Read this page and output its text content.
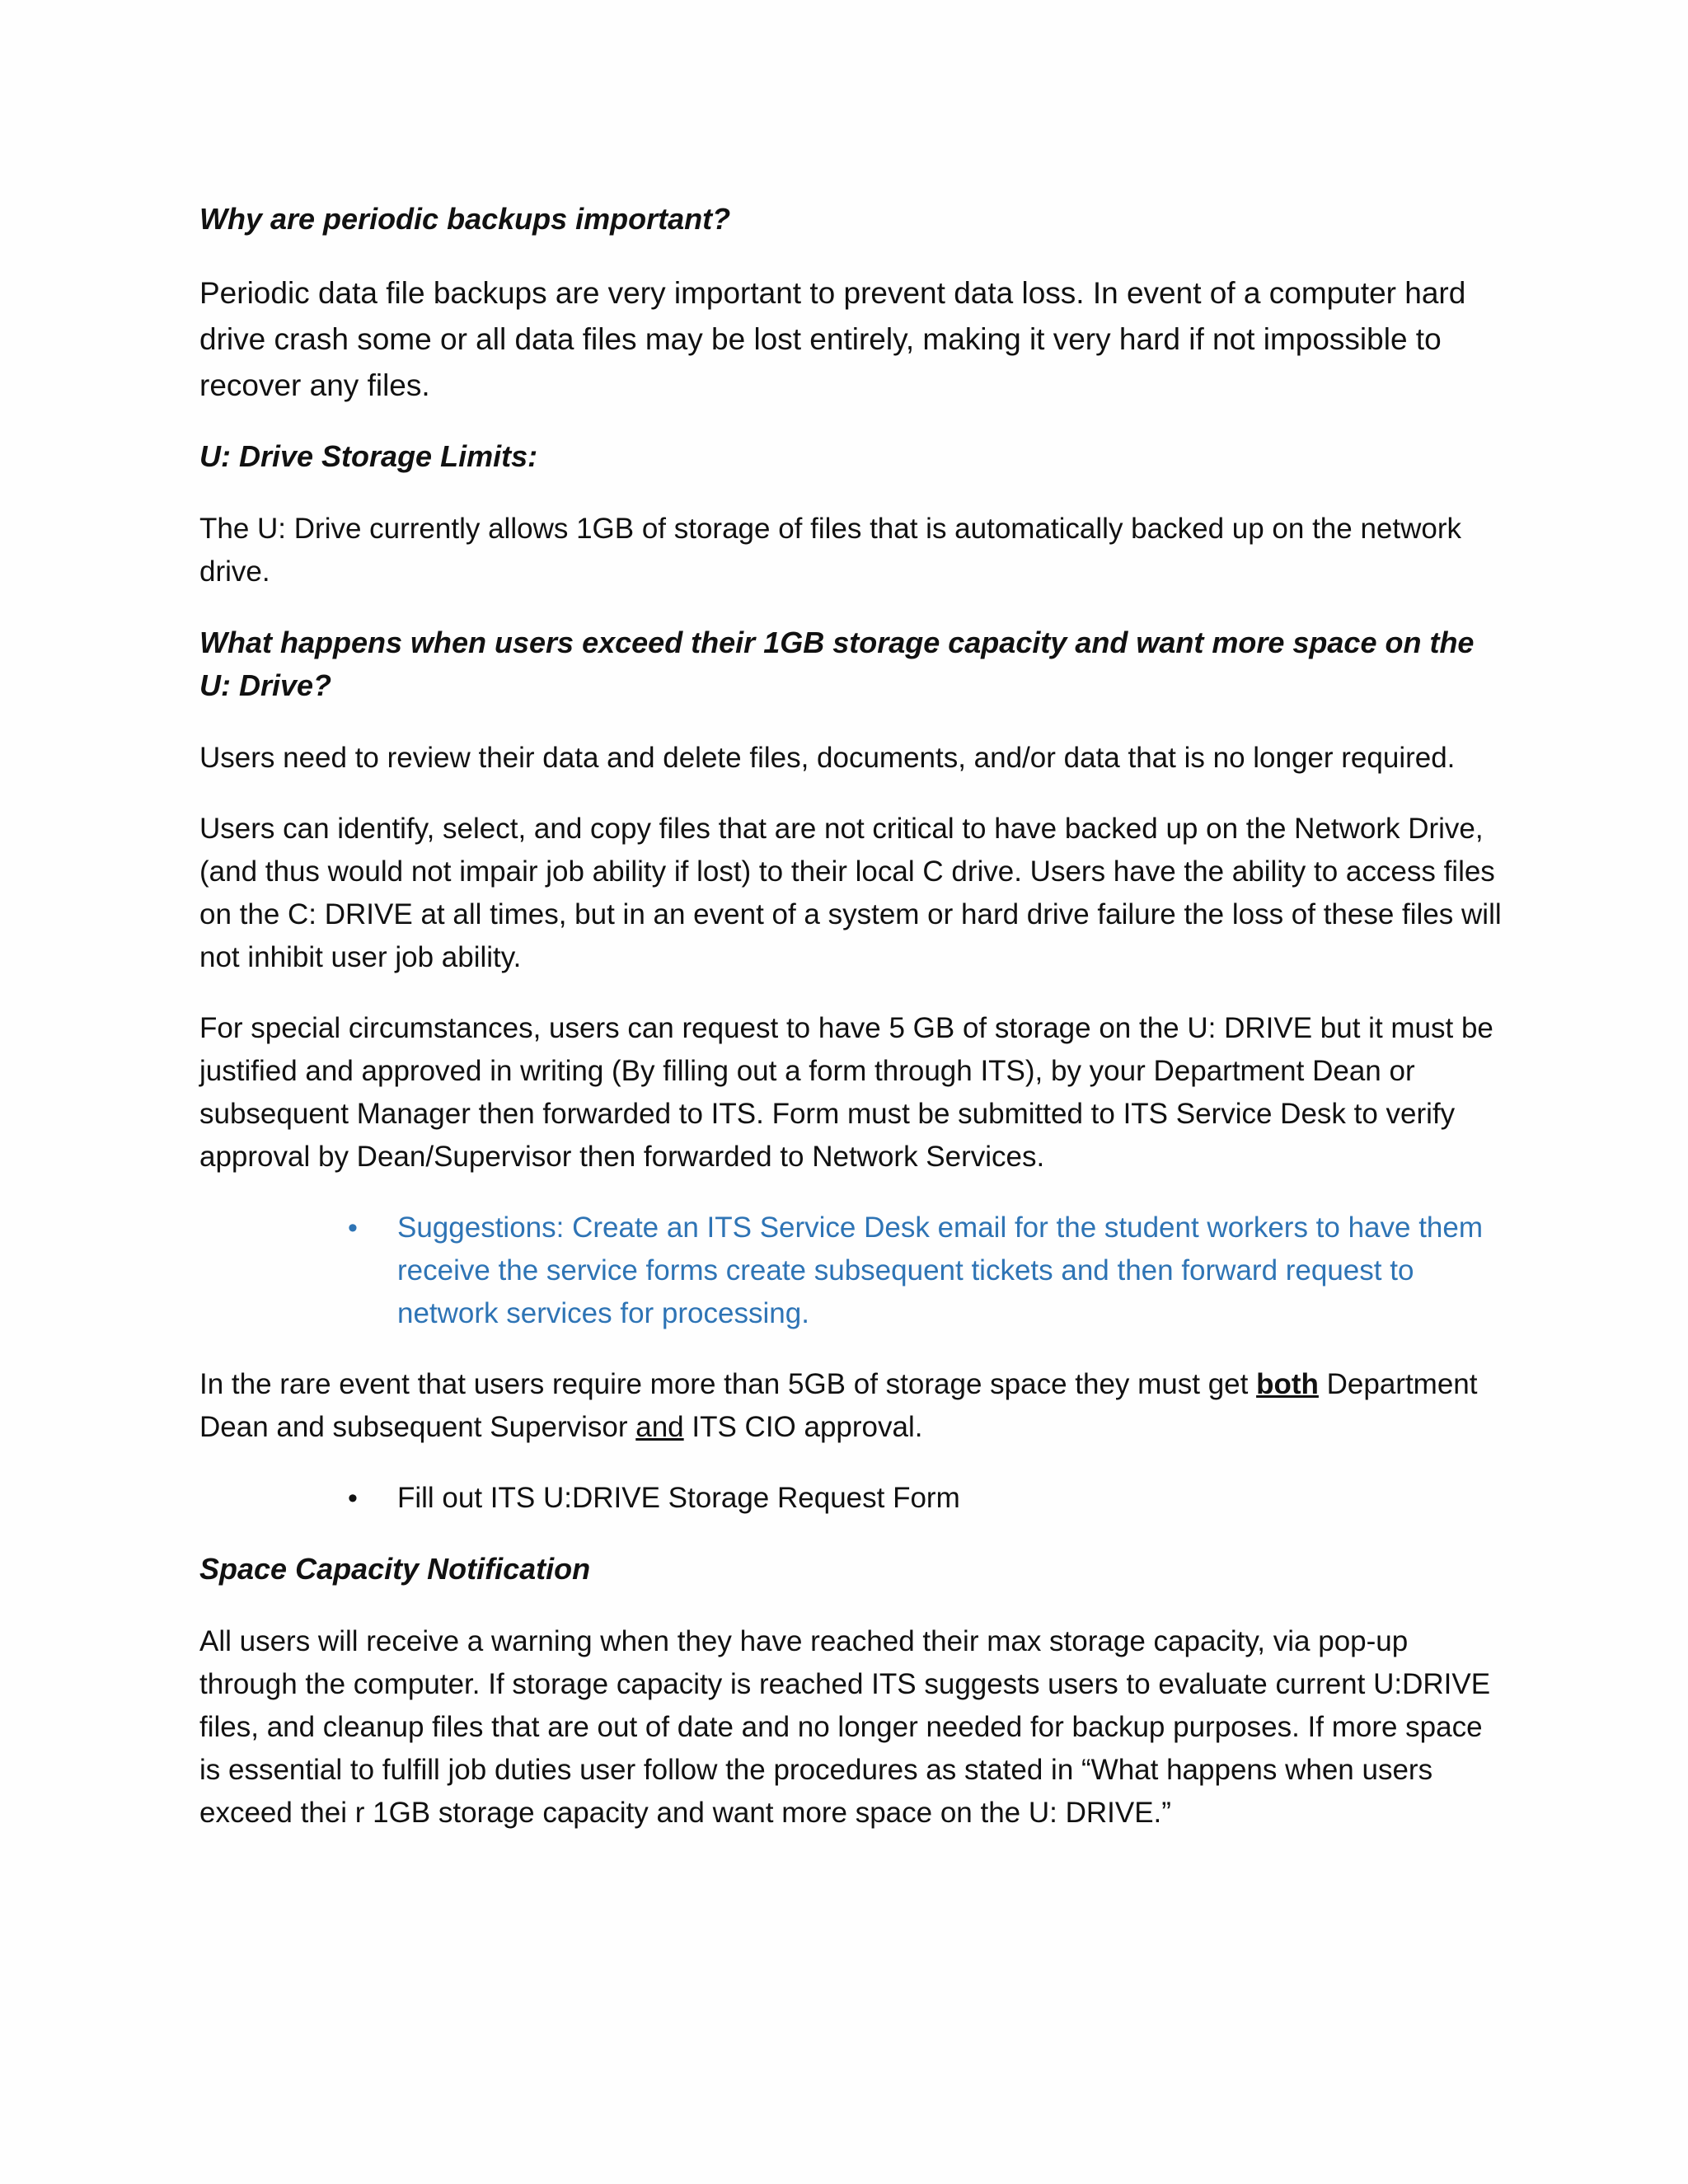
Why are periodic backups important?
Periodic data file backups are very important to prevent data loss. In event of a computer hard drive crash some or all data files may be lost entirely, making it very hard if not impossible to recover any files.
U: Drive Storage Limits:
The U: Drive currently allows 1GB of storage of files that is automatically backed up on the network drive.
What happens when users exceed their 1GB storage capacity and want more space on the U: Drive?
Users need to review their data and delete files, documents, and/or data that is no longer required.
Users can identify, select, and copy files that are not critical to have backed up on the Network Drive, (and thus would not impair job ability if lost) to their local C drive. Users have the ability to access files on the C: DRIVE at all times, but in an event of a system or hard drive failure the loss of these files will not inhibit user job ability.
For special circumstances, users can request to have 5 GB of storage on the U: DRIVE but it must be justified and approved in writing (By filling out a form through ITS), by your Department Dean or subsequent Manager then forwarded to ITS. Form must be submitted to ITS Service Desk to verify approval by Dean/Supervisor then forwarded to Network Services.
•	Suggestions: Create an ITS Service Desk email for the student workers to have them receive the service forms create subsequent tickets and then forward request to network services for processing.
In the rare event that users require more than 5GB of storage space they must get both Department Dean and subsequent Supervisor and ITS CIO approval.
•	Fill out ITS U:DRIVE Storage Request Form
Space Capacity Notification
All users will receive a warning when they have reached their max storage capacity, via pop-up through the computer. If storage capacity is reached ITS suggests users to evaluate current U:DRIVE files, and cleanup files that are out of date and no longer needed for backup purposes. If more space is essential to fulfill job duties user follow the procedures as stated in “What happens when users exceed thei r 1GB storage capacity and want more space on the U: DRIVE.”
